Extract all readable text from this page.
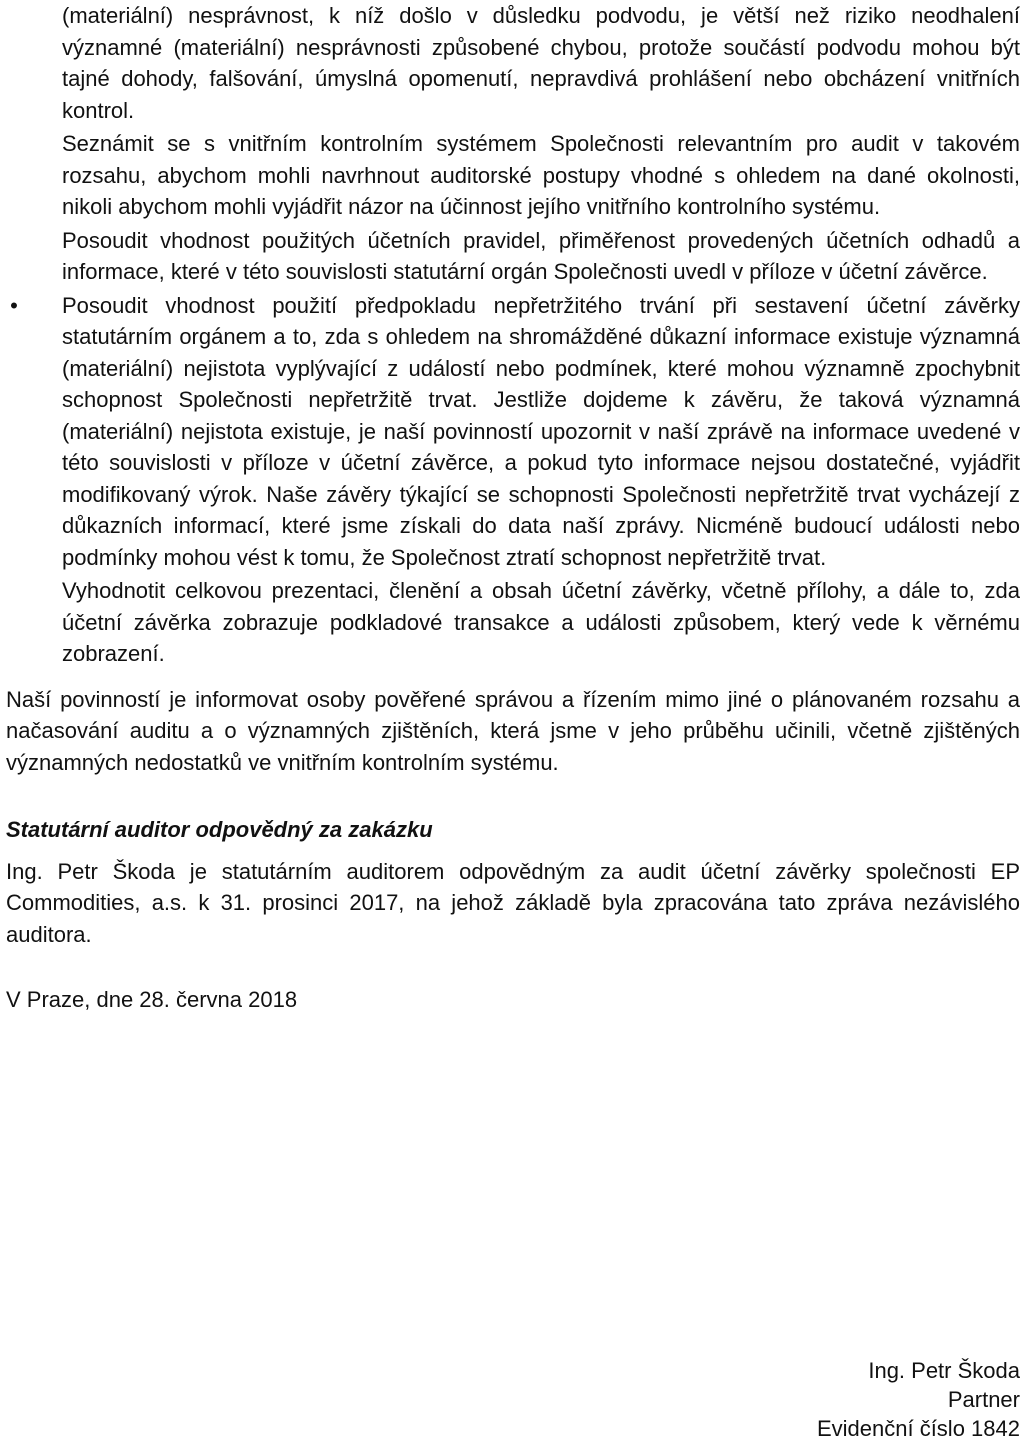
(materiální) nesprávnost, k níž došlo v důsledku podvodu, je větší než riziko neodhalení významné (materiální) nesprávnosti způsobené chybou, protože součástí podvodu mohou být tajné dohody, falšování, úmyslná opomenutí, nepravdivá prohlášení nebo obcházení vnitřních kontrol.

Seznámit se s vnitřním kontrolním systémem Společnosti relevantním pro audit v takovém rozsahu, abychom mohli navrhnout auditorské postupy vhodné s ohledem na dané okolnosti, nikoli abychom mohli vyjádřit názor na účinnost jejího vnitřního kontrolního systému.

Posoudit vhodnost použitých účetních pravidel, přiměřenost provedených účetních odhadů a informace, které v této souvislosti statutární orgán Společnosti uvedl v příloze v účetní závěrce.

• Posoudit vhodnost použití předpokladu nepřetržitého trvání při sestavení účetní závěrky statutárním orgánem a to, zda s ohledem na shromážděné důkazní informace existuje významná (materiální) nejistota vyplývající z událostí nebo podmínek, které mohou významně zpochybnit schopnost Společnosti nepřetržitě trvat. Jestliže dojdeme k závěru, že taková významná (materiální) nejistota existuje, je naší povinností upozornit v naší zprávě na informace uvedené v této souvislosti v příloze v účetní závěrce, a pokud tyto informace nejsou dostatečné, vyjádřit modifikovaný výrok. Naše závěry týkající se schopnosti Společnosti nepřetržitě trvat vycházejí z důkazních informací, které jsme získali do data naší zprávy. Nicméně budoucí události nebo podmínky mohou vést k tomu, že Společnost ztratí schopnost nepřetržitě trvat.

Vyhodnotit celkovou prezentaci, členění a obsah účetní závěrky, včetně přílohy, a dále to, zda účetní závěrka zobrazuje podkladové transakce a události způsobem, který vede k věrnému zobrazení.

Naší povinností je informovat osoby pověřené správou a řízením mimo jiné o plánovaném rozsahu a načasování auditu a o významných zjištěních, která jsme v jeho průběhu učinili, včetně zjištěných významných nedostatků ve vnitřním kontrolním systému.

Statutární auditor odpovědný za zakázku

Ing. Petr Škoda je statutárním auditorem odpovědným za audit účetní závěrky společnosti EP Commodities, a.s. k 31. prosinci 2017, na jehož základě byla zpracována tato zpráva nezávislého auditora.

V Praze, dne 28. června 2018

Ing. Petr Škoda
Partner
Evidenční číslo 1842
